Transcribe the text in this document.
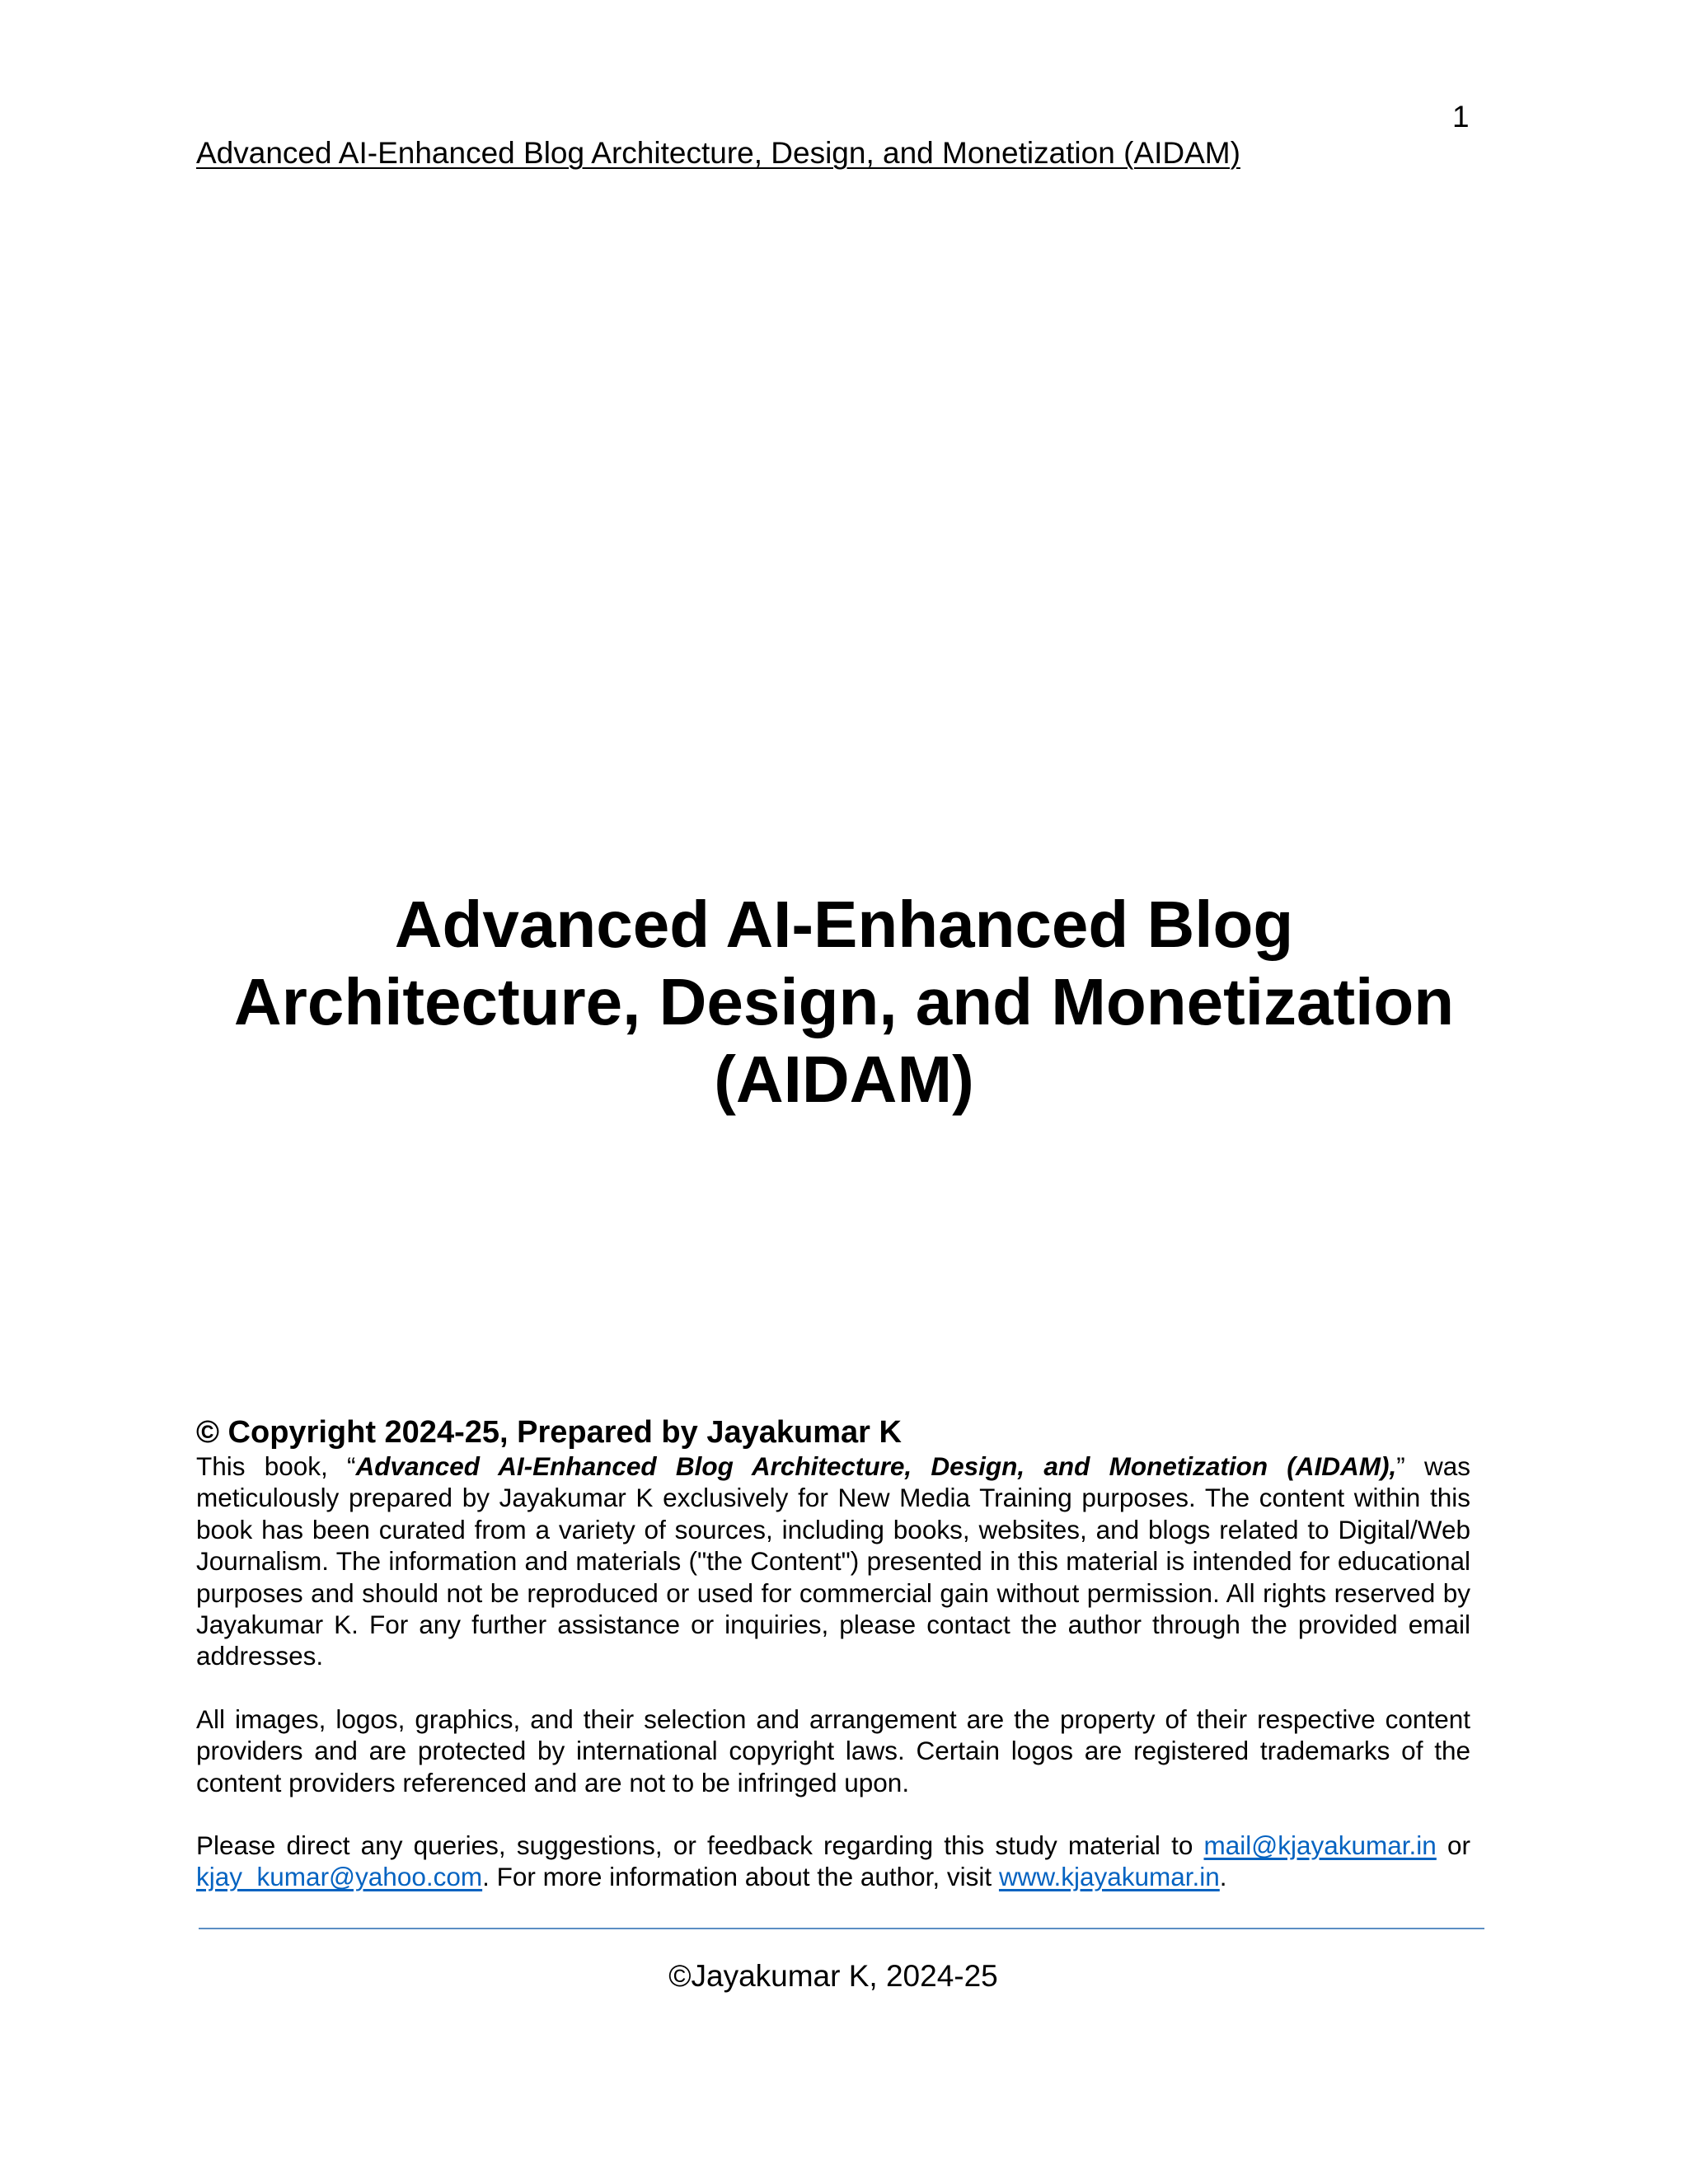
1
Advanced AI-Enhanced Blog Architecture, Design, and Monetization (AIDAM)
Advanced AI-Enhanced Blog
Architecture, Design, and Monetization
(AIDAM)

© Copyright 2024-25, Prepared by Jayakumar K

This book, “Advanced AI-Enhanced Blog Architecture, Design, and Monetization (AIDAM),” was meticulously prepared by Jayakumar K exclusively for New Media Training purposes. The content within this book has been curated from a variety of sources, including books, websites, and blogs related to Digital/Web Journalism. The information and materials ("the Content") presented in this material is intended for educational purposes and should not be reproduced or used for commercial gain without permission. All rights reserved by Jayakumar K. For any further assistance or inquiries, please contact the author through the provided email addresses.

All images, logos, graphics, and their selection and arrangement are the property of their respective content providers and are protected by international copyright laws. Certain logos are registered trademarks of the content providers referenced and are not to be infringed upon.

Please direct any queries, suggestions, or feedback regarding this study material to mail@kjayakumar.in or kjay_kumar@yahoo.com. For more information about the author, visit www.kjayakumar.in.

©Jayakumar K, 2024-25
